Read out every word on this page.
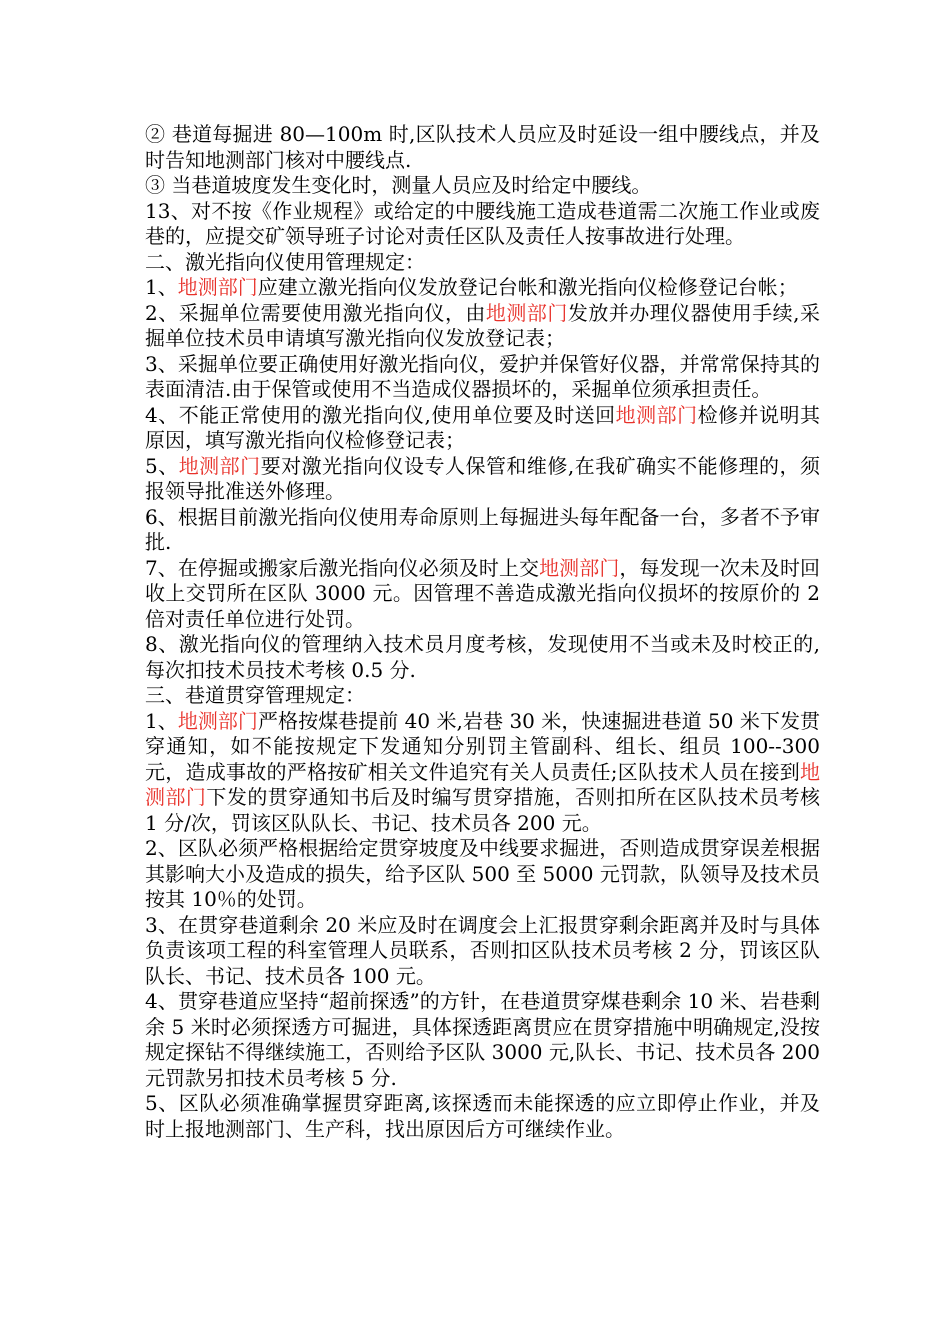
② 巷道每掘进 80—100m 时,区队技术人员应及时延设一组中腰线点，并及时告知地测部门核对中腰线点.

③ 当巷道坡度发生变化时，测量人员应及时给定中腰线。

13、对不按《作业规程》或给定的中腰线施工造成巷道需二次施工作业或废巷的，应提交矿领导班子讨论对责任区队及责任人按事故进行处理。

二、激光指向仪使用管理规定：

1、地测部门应建立激光指向仪发放登记台帐和激光指向仪检修登记台帐；

2、采掘单位需要使用激光指向仪，由地测部门发放并办理仪器使用手续,采掘单位技术员申请填写激光指向仪发放登记表；

3、采掘单位要正确使用好激光指向仪，爱护并保管好仪器，并常常保持其的表面清洁.由于保管或使用不当造成仪器损坏的，采掘单位须承担责任。

4、不能正常使用的激光指向仪,使用单位要及时送回地测部门检修并说明其原因，填写激光指向仪检修登记表；

5、地测部门要对激光指向仪设专人保管和维修,在我矿确实不能修理的，须报领导批准送外修理。

6、根据目前激光指向仪使用寿命原则上每掘进头每年配备一台，多者不予审批.

7、在停掘或搬家后激光指向仪必须及时上交地测部门，每发现一次未及时回收上交罚所在区队 3000 元。因管理不善造成激光指向仪损坏的按原价的 2 倍对责任单位进行处罚。

8、激光指向仪的管理纳入技术员月度考核，发现使用不当或未及时校正的,每次扣技术员技术考核 0.5 分.

三、巷道贯穿管理规定：

1、地测部门严格按煤巷提前 40 米,岩巷 30 米，快速掘进巷道 50 米下发贯穿通知，如不能按规定下发通知分别罚主管副科、组长、组员 100--300 元，造成事故的严格按矿相关文件追究有关人员责任;区队技术人员在接到地测部门下发的贯穿通知书后及时编写贯穿措施，否则扣所在区队技术员考核 1 分/次，罚该区队队长、书记、技术员各 200 元。

2、区队必须严格根据给定贯穿坡度及中线要求掘进，否则造成贯穿误差根据其影响大小及造成的损失，给予区队 500 至 5000 元罚款，队领导及技术员按其 10％的处罚。

3、在贯穿巷道剩余 20 米应及时在调度会上汇报贯穿剩余距离并及时与具体负责该项工程的科室管理人员联系，否则扣区队技术员考核 2 分，罚该区队队长、书记、技术员各 100 元。

4、贯穿巷道应坚持“超前探透”的方针，在巷道贯穿煤巷剩余 10 米、岩巷剩余 5 米时必须探透方可掘进，具体探透距离贯应在贯穿措施中明确规定,没按规定探钻不得继续施工，否则给予区队 3000 元,队长、书记、技术员各 200 元罚款另扣技术员考核 5 分.

5、区队必须准确掌握贯穿距离,该探透而未能探透的应立即停止作业，并及时上报地测部门、生产科，找出原因后方可继续作业。
